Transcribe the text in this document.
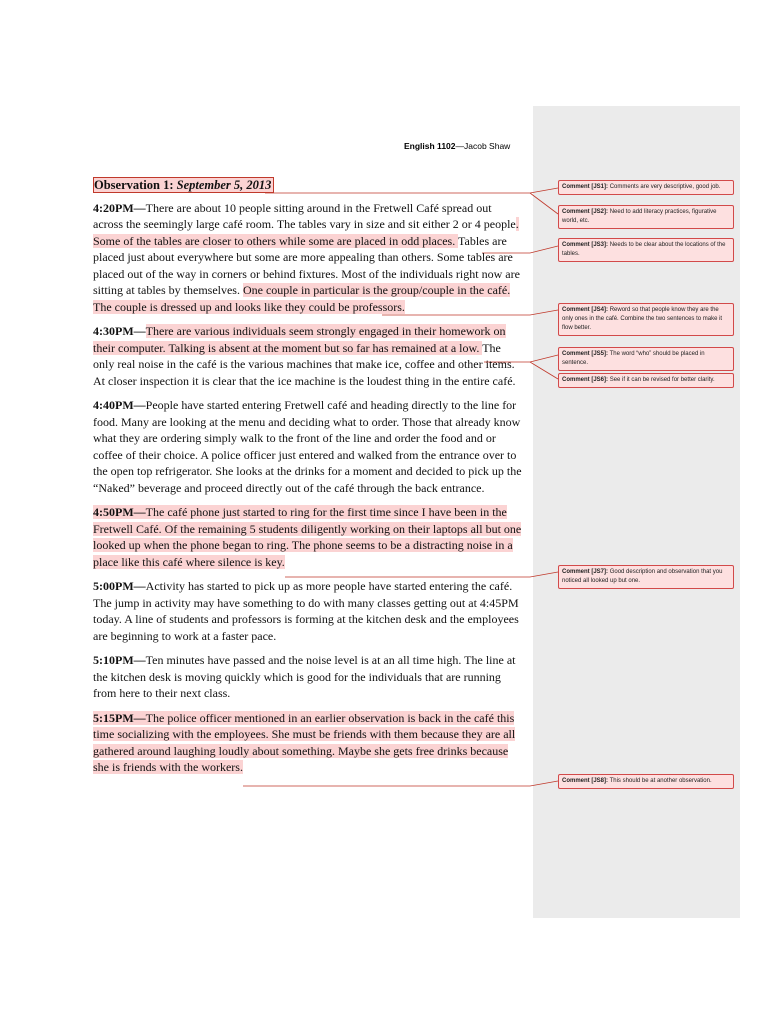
English 1102—Jacob Shaw
Observation 1: September 5, 2013

4:20PM—There are about 10 people sitting around in the Fretwell Café spread out across the seemingly large café room. The tables vary in size and sit either 2 or 4 people. Some of the tables are closer to others while some are placed in odd places. Tables are placed just about everywhere but some are more appealing than others. Some tables are placed out of the way in corners or behind fixtures. Most of the individuals right now are sitting at tables by themselves. One couple in particular is the group/couple in the café. The couple is dressed up and looks like they could be professors.

4:30PM—There are various individuals seem strongly engaged in their homework on their computer. Talking is absent at the moment but so far has remained at a low. The only real noise in the café is the various machines that make ice, coffee and other items. At closer inspection it is clear that the ice machine is the loudest thing in the entire café.

4:40PM—People have started entering Fretwell café and heading directly to the line for food. Many are looking at the menu and deciding what to order. Those that already know what they are ordering simply walk to the front of the line and order the food and or coffee of their choice. A police officer just entered and walked from the entrance over to the open top refrigerator. She looks at the drinks for a moment and decided to pick up the “Naked” beverage and proceed directly out of the café through the back entrance.

4:50PM—The café phone just started to ring for the first time since I have been in the Fretwell Café. Of the remaining 5 students diligently working on their laptops all but one looked up when the phone began to ring. The phone seems to be a distracting noise in a place like this café where silence is key.

5:00PM—Activity has started to pick up as more people have started entering the café. The jump in activity may have something to do with many classes getting out at 4:45PM today. A line of students and professors is forming at the kitchen desk and the employees are beginning to work at a faster pace.

5:10PM—Ten minutes have passed and the noise level is at an all time high. The line at the kitchen desk is moving quickly which is good for the individuals that are running from here to their next class.

5:15PM—The police officer mentioned in an earlier observation is back in the café this time socializing with the employees. She must be friends with them because they are all gathered around laughing loudly about something. Maybe she gets free drinks because she is friends with the workers.

Comment [JS1]: Comments are very descriptive, good job.
Comment [JS2]: Need to add literacy practices, figurative world, etc.
Comment [JS3]: Needs to be clear about the locations of the tables.
Comment [JS4]: Reword so that people know they are the only ones in the café. Combine the two sentences to make it flow better.
Comment [JS5]: The word “who” should be placed in sentence.
Comment [JS6]: See if it can be revised for better clarity.
Comment [JS7]: Good description and observation that you noticed all looked up but one.
Comment [JS8]: This should be at another observation.
